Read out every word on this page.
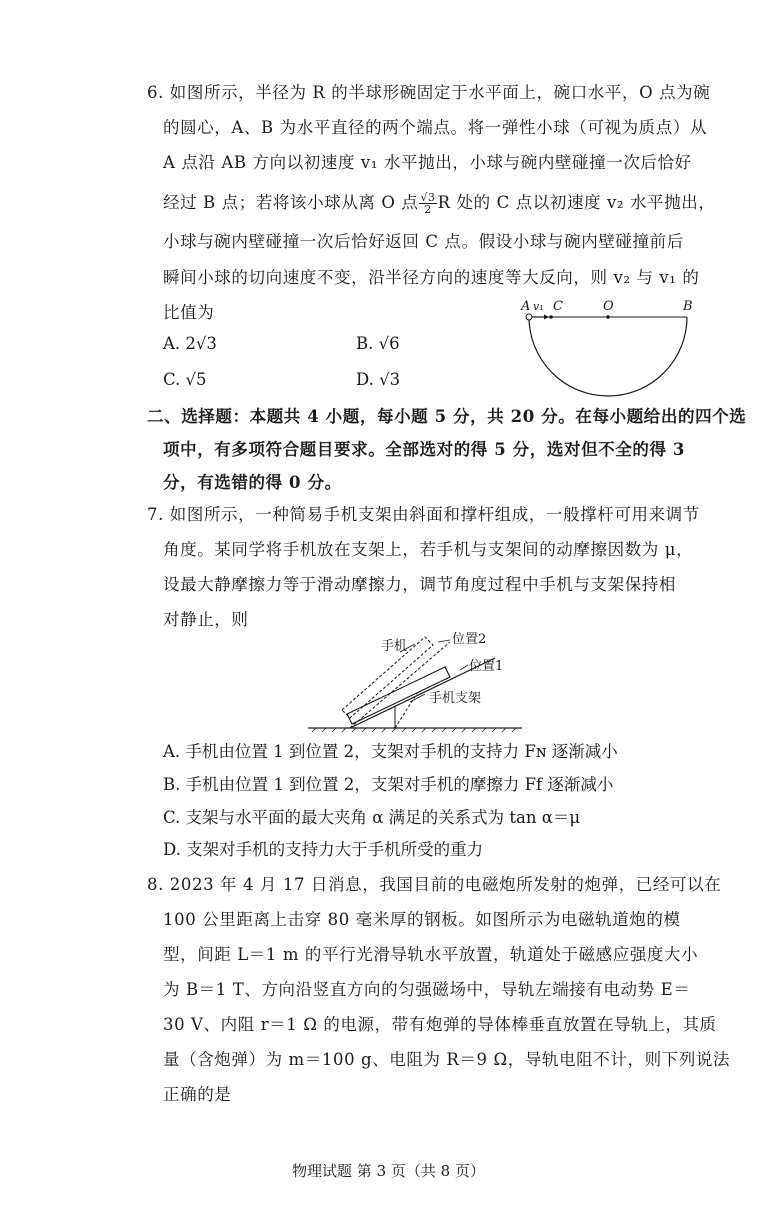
6. 如图所示，半径为 R 的半球形碗固定于水平面上，碗口水平，O 点为碗
的圆心，A、B 为水平直径的两个端点。将一弹性小球（可视为质点）从
A 点沿 AB 方向以初速度 v₁ 水平抛出，小球与碗内壁碰撞一次后恰好
经过 B 点；若将该小球从离 O 点 $\frac{√3}{2}$ R 处的 C 点以初速度 v₂ 水平抛出，
小球与碗内壁碰撞一次后恰好返回 C 点。假设小球与碗内壁碰撞前后
瞬间小球的切向速度不变，沿半径方向的速度等大反向，则 v₂ 与 v₁ 的
比值为
A. 2√3	B. √6
C. √5	D. √3
A v₁ C	O	B
二、选择题：本题共 4 小题，每小题 5 分，共 20 分。在每小题给出的四个选
项中，有多项符合题目要求。全部选对的得 5 分，选对但不全的得 3
分，有选错的得 0 分。
7. 如图所示，一种简易手机支架由斜面和撑杆组成，一般撑杆可用来调节
角度。某同学将手机放在支架上，若手机与支架间的动摩擦因数为 μ，
设最大静摩擦力等于滑动摩擦力，调节角度过程中手机与支架保持相
对静止，则
手机	位置2
位置1
手机支架
A. 手机由位置 1 到位置 2，支架对手机的支持力 Fɴ 逐渐减小
B. 手机由位置 1 到位置 2，支架对手机的摩擦力 Ff 逐渐减小
C. 支架与水平面的最大夹角 α 满足的关系式为 tan α＝μ
D. 支架对手机的支持力大于手机所受的重力
8. 2023 年 4 月 17 日消息，我国目前的电磁炮所发射的炮弹，已经可以在
100 公里距离上击穿 80 毫米厚的钢板。如图所示为电磁轨道炮的模
型，间距 L＝1 m 的平行光滑导轨水平放置，轨道处于磁感应强度大小
为 B＝1 T、方向沿竖直方向的匀强磁场中，导轨左端接有电动势 E＝
30 V、内阻 r＝1 Ω 的电源，带有炮弹的导体棒垂直放置在导轨上，其质
量（含炮弹）为 m＝100 g、电阻为 R＝9 Ω，导轨电阻不计，则下列说法
正确的是
物理试题 第 3 页（共 8 页）
